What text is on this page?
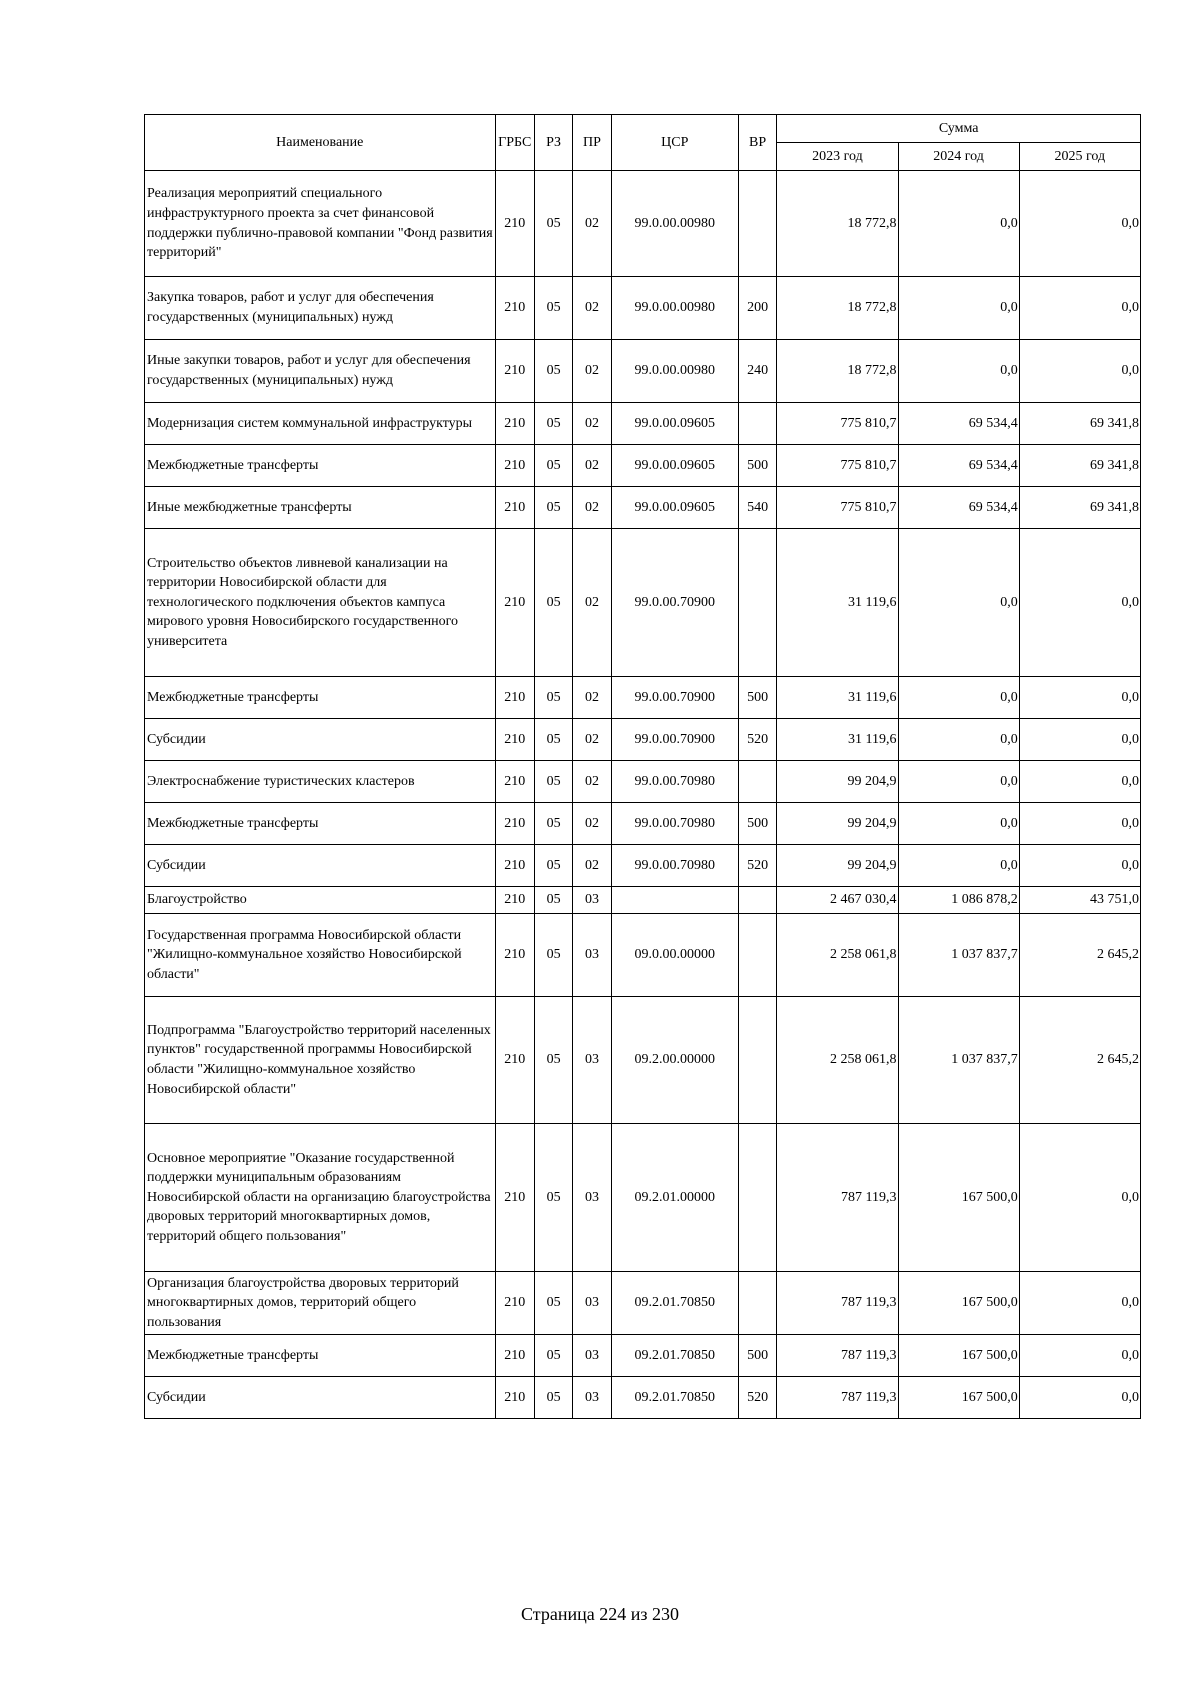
Наименование	ГРБС	РЗ	ПР	ЦСР	ВР	Сумма		
						2023 год	2024 год	2025 год
Реализация мероприятий специального инфраструктурного проекта за счет финансовой поддержки публично-правовой компании "Фонд развития территорий"	210	05	02	99.0.00.00980		18 772,8	0,0	0,0
Закупка товаров, работ и услуг для обеспечения государственных (муниципальных) нужд	210	05	02	99.0.00.00980	200	18 772,8	0,0	0,0
Иные закупки товаров, работ и услуг для обеспечения государственных (муниципальных) нужд	210	05	02	99.0.00.00980	240	18 772,8	0,0	0,0
Модернизация систем коммунальной инфраструктуры	210	05	02	99.0.00.09605		775 810,7	69 534,4	69 341,8
Межбюджетные трансферты	210	05	02	99.0.00.09605	500	775 810,7	69 534,4	69 341,8
Иные межбюджетные трансферты	210	05	02	99.0.00.09605	540	775 810,7	69 534,4	69 341,8
Строительство объектов ливневой канализации на территории Новосибирской области для технологического подключения объектов кампуса мирового уровня Новосибирского государственного университета	210	05	02	99.0.00.70900		31 119,6	0,0	0,0
Межбюджетные трансферты	210	05	02	99.0.00.70900	500	31 119,6	0,0	0,0
Субсидии	210	05	02	99.0.00.70900	520	31 119,6	0,0	0,0
Электроснабжение туристических кластеров	210	05	02	99.0.00.70980		99 204,9	0,0	0,0
Межбюджетные трансферты	210	05	02	99.0.00.70980	500	99 204,9	0,0	0,0
Субсидии	210	05	02	99.0.00.70980	520	99 204,9	0,0	0,0
Благоустройство	210	05	03			2 467 030,4	1 086 878,2	43 751,0
Государственная программа Новосибирской области "Жилищно-коммунальное хозяйство Новосибирской области"	210	05	03	09.0.00.00000		2 258 061,8	1 037 837,7	2 645,2
Подпрограмма "Благоустройство территорий населенных пунктов" государственной программы Новосибирской области "Жилищно-коммунальное хозяйство Новосибирской области"	210	05	03	09.2.00.00000		2 258 061,8	1 037 837,7	2 645,2
Основное мероприятие "Оказание государственной поддержки муниципальным образованиям Новосибирской области на организацию благоустройства дворовых территорий многоквартирных домов, территорий общего пользования"	210	05	03	09.2.01.00000		787 119,3	167 500,0	0,0
Организация благоустройства дворовых территорий многоквартирных домов, территорий общего пользования	210	05	03	09.2.01.70850		787 119,3	167 500,0	0,0
Межбюджетные трансферты	210	05	03	09.2.01.70850	500	787 119,3	167 500,0	0,0
Субсидии	210	05	03	09.2.01.70850	520	787 119,3	167 500,0	0,0
Страница 224 из 230
